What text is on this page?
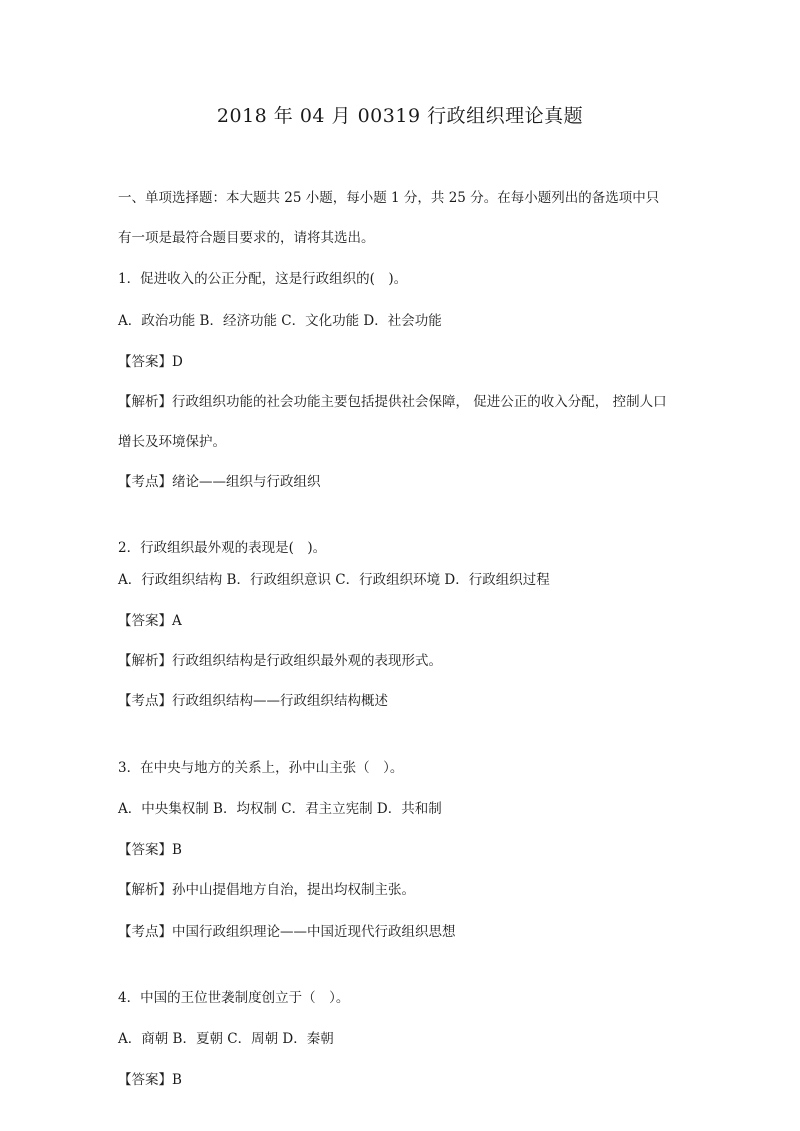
2018 年 04 月 00319 行政组织理论真题
一、单项选择题：本大题共 25 小题，每小题 1 分，共 25 分。在每小题列出的备选项中只
有一项是最符合题目要求的，请将其选出。
1．促进收入的公正分配，这是行政组织的(　)。
A．政治功能 B．经济功能 C．文化功能 D．社会功能
【答案】D
【解析】行政组织功能的社会功能主要包括提供社会保障， 促进公正的收入分配， 控制人口
增长及环境保护。
【考点】绪论——组织与行政组织
2．行政组织最外观的表现是(　)。
A．行政组织结构 B．行政组织意识 C．行政组织环境 D．行政组织过程
【答案】A
【解析】行政组织结构是行政组织最外观的表现形式。
【考点】行政组织结构——行政组织结构概述
3．在中央与地方的关系上，孙中山主张（　）。
A．中央集权制 B．均权制 C．君主立宪制 D．共和制
【答案】B
【解析】孙中山提倡地方自治，提出均权制主张。
【考点】中国行政组织理论——中国近现代行政组织思想
4．中国的王位世袭制度创立于（　）。
A．商朝 B．夏朝 C．周朝 D．秦朝
【答案】B
